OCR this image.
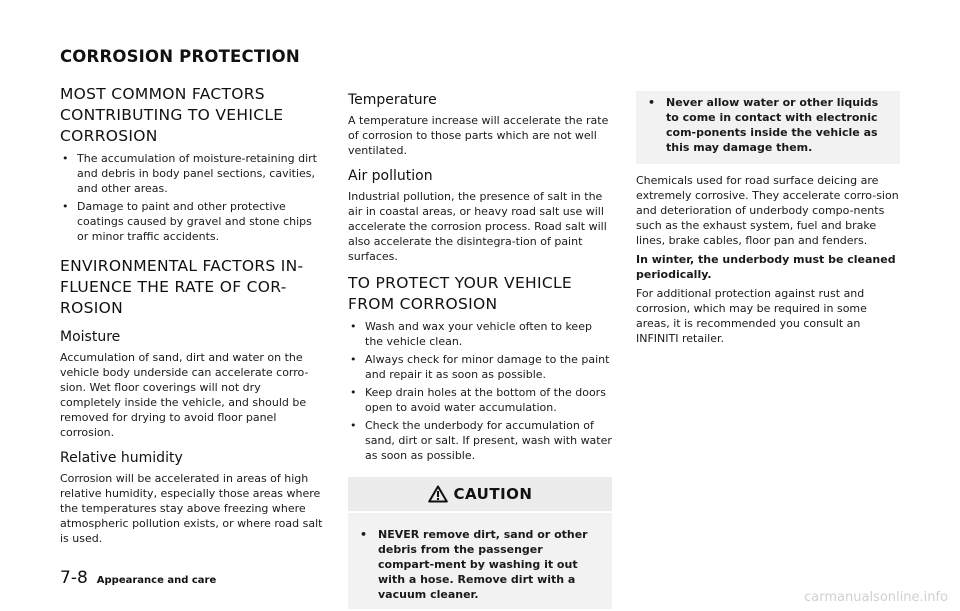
CORROSION PROTECTION
MOST COMMON FACTORS CONTRIBUTING TO VEHICLE CORROSION
• The accumulation of moisture-retaining dirt and debris in body panel sections, cavities, and other areas.
• Damage to paint and other protective coatings caused by gravel and stone chips or minor traffic accidents.
ENVIRONMENTAL FACTORS IN-FLUENCE THE RATE OF COR-ROSION
Moisture

Accumulation of sand, dirt and water on the vehicle body underside can accelerate corro-sion. Wet floor coverings will not dry completely inside the vehicle, and should be removed for drying to avoid floor panel corrosion.

Relative humidity

Corrosion will be accelerated in areas of high relative humidity, especially those areas where the temperatures stay above freezing where atmospheric pollution exists, or where road salt is used.

Temperature

A temperature increase will accelerate the rate of corrosion to those parts which are not well ventilated.

Air pollution

Industrial pollution, the presence of salt in the air in coastal areas, or heavy road salt use will accelerate the corrosion process. Road salt will also accelerate the disintegra-tion of paint surfaces.

TO PROTECT YOUR VEHICLE FROM CORROSION
• Wash and wax your vehicle often to keep the vehicle clean.
• Always check for minor damage to the paint and repair it as soon as possible.
• Keep drain holes at the bottom of the doors open to avoid water accumulation.
• Check the underbody for accumulation of sand, dirt or salt. If present, wash with water as soon as possible.
CAUTION
• NEVER remove dirt, sand or other debris from the passenger compart-ment by washing it out with a hose. Remove dirt with a vacuum cleaner.
• Never allow water or other liquids to come in contact with electronic com-ponents inside the vehicle as this may damage them.

Chemicals used for road surface deicing are extremely corrosive. They accelerate corro-sion and deterioration of underbody compo-nents such as the exhaust system, fuel and brake lines, brake cables, floor pan and fenders.

In winter, the underbody must be cleaned periodically.

For additional protection against rust and corrosion, which may be required in some areas, it is recommended you consult an INFINITI retailer.

7-8 Appearance and care
carmanualsonline.info
